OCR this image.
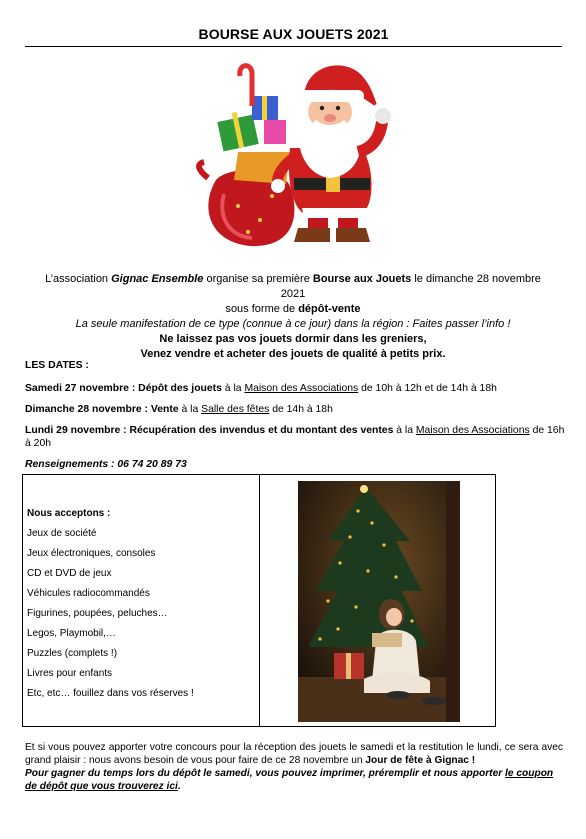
BOURSE AUX JOUETS 2021
L’association Gignac Ensemble organise sa première Bourse aux Jouets le dimanche 28 novembre 2021
sous forme de dépôt-vente
La seule manifestation de ce type (connue à ce jour) dans la région : Faites passer l’info !
Ne laissez pas vos jouets dormir dans les greniers,
Venez vendre et acheter des jouets de qualité à petits prix.
LES DATES :

Samedi 27 novembre : Dépôt des jouets à la Maison des Associations de 10h à 12h et de 14h à 18h

Dimanche 28 novembre : Vente à la Salle des fêtes de 14h à 18h

Lundi 29 novembre : Récupération des invendus et du montant des ventes à la Maison des Associations de 16h à 20h

Renseignements : 06 74 20 89 73

Nous acceptons :
Jeux de société
Jeux électroniques, consoles
CD et DVD de jeux
Véhicules radiocommandés
Figurines, poupées, peluches…
Legos, Playmobil,…
Puzzles (complets !)
Livres pour enfants
Etc, etc… fouillez dans vos réserves !

Et si vous pouvez apporter votre concours pour la réception des jouets le samedi et la restitution le lundi, ce sera avec grand plaisir : nous avons besoin de vous pour faire de ce 28 novembre un Jour de fête à Gignac !

Pour gagner du temps lors du dépôt le samedi, vous pouvez imprimer, préremplir et nous apporter le coupon de dépôt que vous trouverez ici.
